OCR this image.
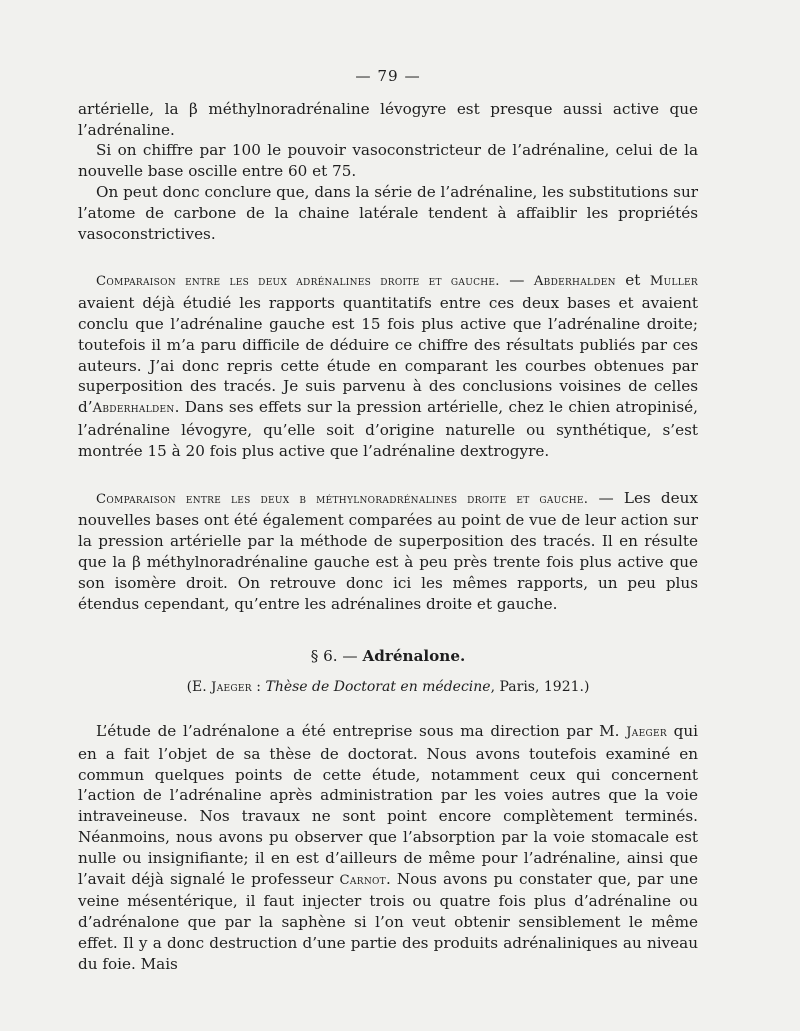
— 79 —

artérielle, la β méthylnoradrénaline lévogyre est presque aussi active que l’adrénaline.

Si on chiffre par 100 le pouvoir vasoconstricteur de l’adrénaline, celui de la nouvelle base oscille entre 60 et 75.

On peut donc conclure que, dans la série de l’adrénaline, les substitutions sur l’atome de carbone de la chaine latérale tendent à affaiblir les propriétés vasoconstrictives.

Comparaison entre les deux adrénalines droite et gauche. — Abderhalden et Muller avaient déjà étudié les rapports quantitatifs entre ces deux bases et avaient conclu que l’adrénaline gauche est 15 fois plus active que l’adrénaline droite; toutefois il m’a paru difficile de déduire ce chiffre des résultats publiés par ces auteurs. J’ai donc repris cette étude en comparant les courbes obtenues par superposition des tracés. Je suis parvenu à des conclusions voisines de celles d’Abderhalden. Dans ses effets sur la pression artérielle, chez le chien atropinisé, l’adrénaline lévogyre, qu’elle soit d’origine naturelle ou synthétique, s’est montrée 15 à 20 fois plus active que l’adrénaline dextrogyre.

Comparaison entre les deux β méthylnoradrénalines droite et gauche. — Les deux nouvelles bases ont été également comparées au point de vue de leur action sur la pression artérielle par la méthode de superposition des tracés. Il en résulte que la β méthylnoradrénaline gauche est à peu près trente fois plus active que son isomère droit. On retrouve donc ici les mêmes rapports, un peu plus étendus cependant, qu’entre les adrénalines droite et gauche.

§ 6. — Adrénalone.
(E. Jaeger : Thèse de Doctorat en médecine, Paris, 1921.)

L’étude de l’adrénalone a été entreprise sous ma direction par M. Jaeger qui en a fait l’objet de sa thèse de doctorat. Nous avons toutefois examiné en commun quelques points de cette étude, notamment ceux qui concernent l’action de l’adrénaline après administration par les voies autres que la voie intraveineuse. Nos travaux ne sont point encore complètement terminés. Néanmoins, nous avons pu observer que l’absorption par la voie stomacale est nulle ou insignifiante; il en est d’ailleurs de même pour l’adrénaline, ainsi que l’avait déjà signalé le professeur Carnot. Nous avons pu constater que, par une veine mésentérique, il faut injecter trois ou quatre fois plus d’adrénaline ou d’adrénalone que par la saphène si l’on veut obtenir sensiblement le même effet. Il y a donc destruction d’une partie des produits adrénaliniques au niveau du foie. Mais
